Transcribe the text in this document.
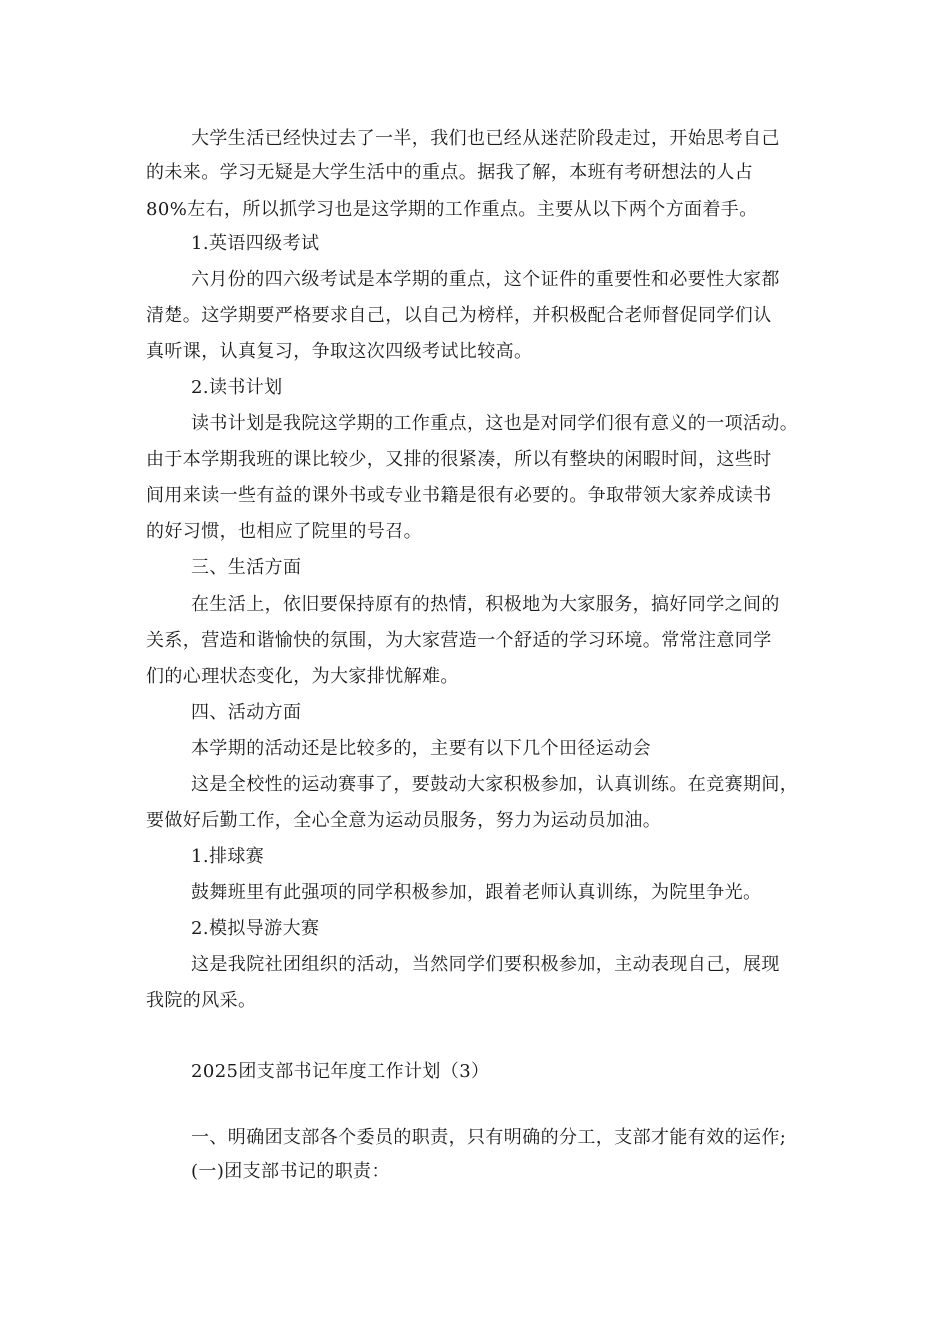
大学生活已经快过去了一半，我们也已经从迷茫阶段走过，开始思考自己
的未来。学习无疑是大学生活中的重点。据我了解，本班有考研想法的人占
80%左右，所以抓学习也是这学期的工作重点。主要从以下两个方面着手。
1.英语四级考试
六月份的四六级考试是本学期的重点，这个证件的重要性和必要性大家都
清楚。这学期要严格要求自己，以自己为榜样，并积极配合老师督促同学们认
真听课，认真复习，争取这次四级考试比较高。
2.读书计划
读书计划是我院这学期的工作重点，这也是对同学们很有意义的一项活动。
由于本学期我班的课比较少，又排的很紧凑，所以有整块的闲暇时间，这些时
间用来读一些有益的课外书或专业书籍是很有必要的。争取带领大家养成读书
的好习惯，也相应了院里的号召。
三、生活方面
在生活上，依旧要保持原有的热情，积极地为大家服务，搞好同学之间的
关系，营造和谐愉快的氛围，为大家营造一个舒适的学习环境。常常注意同学
们的心理状态变化，为大家排忧解难。
四、活动方面
本学期的活动还是比较多的，主要有以下几个田径运动会
这是全校性的运动赛事了，要鼓动大家积极参加，认真训练。在竞赛期间，
要做好后勤工作，全心全意为运动员服务，努力为运动员加油。
1.排球赛
鼓舞班里有此强项的同学积极参加，跟着老师认真训练，为院里争光。
2.模拟导游大赛
这是我院社团组织的活动，当然同学们要积极参加，主动表现自己，展现
我院的风采。
2025团支部书记年度工作计划（3）
一、明确团支部各个委员的职责，只有明确的分工，支部才能有效的运作;
(一)团支部书记的职责：
